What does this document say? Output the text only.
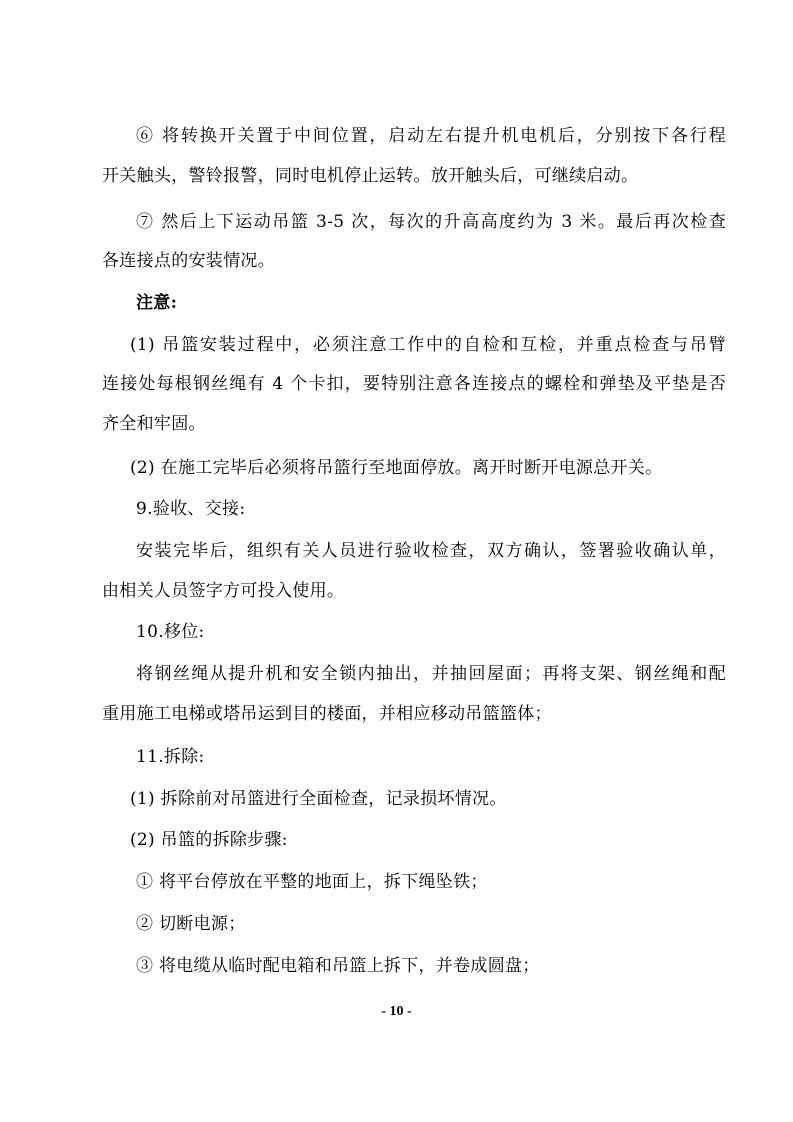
⑥ 将转换开关置于中间位置，启动左右提升机电机后，分别按下各行程
开关触头，警铃报警，同时电机停止运转。放开触头后，可继续启动。
⑦ 然后上下运动吊篮 3-5 次，每次的升高高度约为 3 米。最后再次检查
各连接点的安装情况。
注意:
(1) 吊篮安装过程中，必须注意工作中的自检和互检，并重点检查与吊臂
连接处每根钢丝绳有 4 个卡扣，要特别注意各连接点的螺栓和弹垫及平垫是否
齐全和牢固。
(2) 在施工完毕后必须将吊篮行至地面停放。离开时断开电源总开关。
9.验收、交接:
安装完毕后，组织有关人员进行验收检查，双方确认，签署验收确认单，
由相关人员签字方可投入使用。
10.移位:
将钢丝绳从提升机和安全锁内抽出，并抽回屋面；再将支架、钢丝绳和配
重用施工电梯或塔吊运到目的楼面，并相应移动吊篮篮体；
11.拆除:
(1) 拆除前对吊篮进行全面检查，记录损坏情况。
(2) 吊篮的拆除步骤:
① 将平台停放在平整的地面上，拆下绳坠铁；
② 切断电源；
③ 将电缆从临时配电箱和吊篮上拆下，并卷成圆盘；
- 10 -
